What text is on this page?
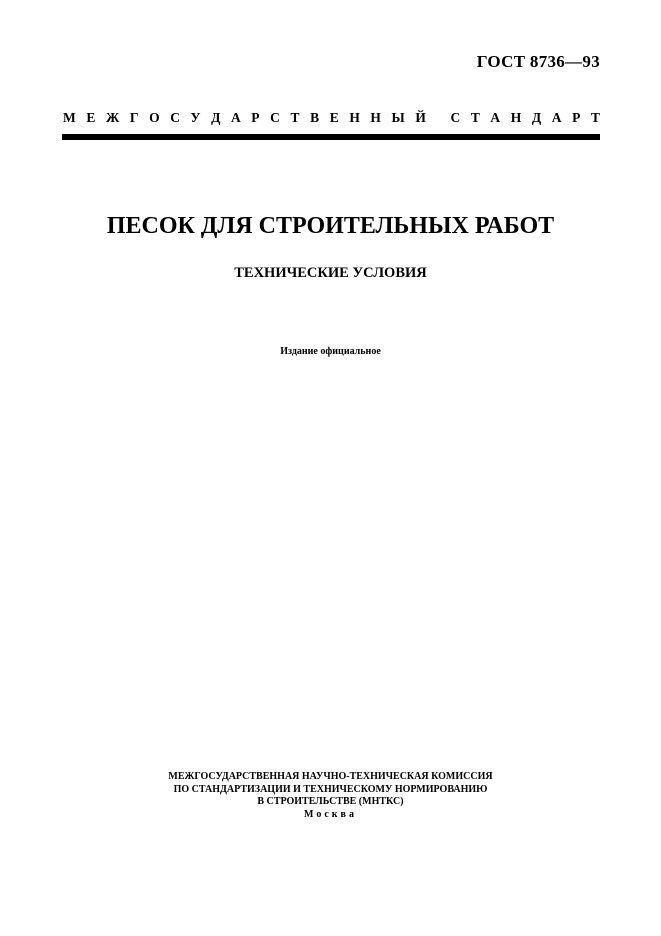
ГОСТ 8736—93
М Е Ж Г О С У Д А Р С Т В Е Н Н Ы Й
С Т А Н Д А Р Т
ПЕСОК ДЛЯ СТРОИТЕЛЬНЫХ РАБОТ
ТЕХНИЧЕСКИЕ УСЛОВИЯ
Издание официальное
МЕЖГОСУДАРСТВЕННАЯ НАУЧНО-ТЕХНИЧЕСКАЯ КОМИССИЯ
ПО СТАНДАРТИЗАЦИИ И ТЕХНИЧЕСКОМУ НОРМИРОВАНИЮ
В СТРОИТЕЛЬСТВЕ (МНТКС)
Москва
